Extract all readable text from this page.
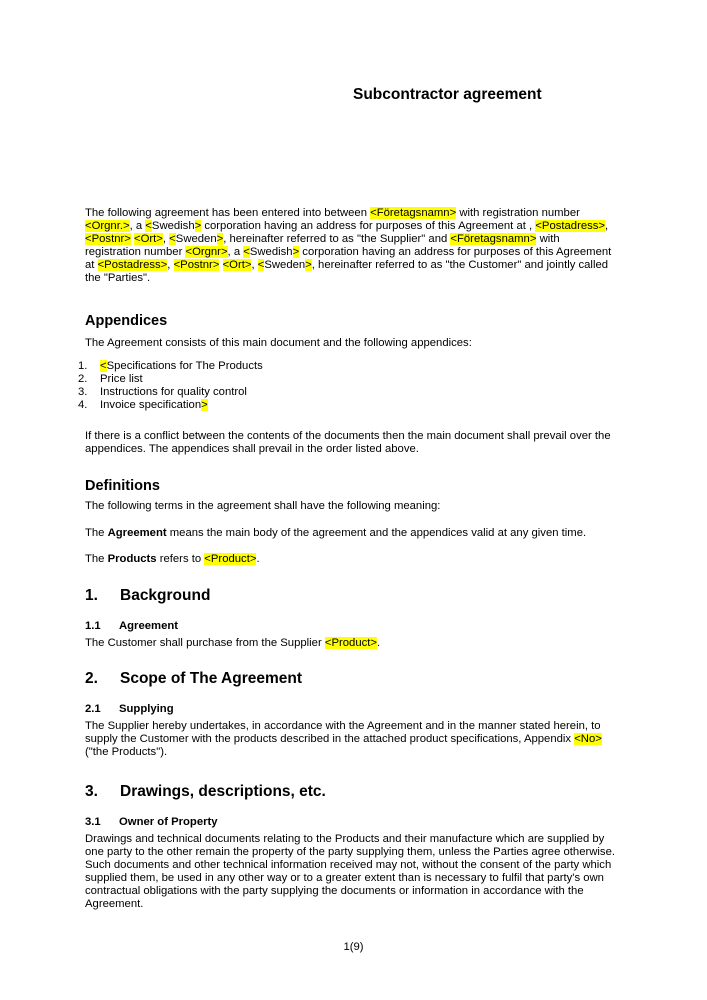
Subcontractor agreement

The following agreement has been entered into between <Företagsnamn> with registration number <Orgnr.>, a <Swedish> corporation having an address for purposes of this Agreement at , <Postadress>, <Postnr> <Ort>, <Sweden>, hereinafter referred to as "the Supplier" and <Företagsnamn> with registration number <Orgnr>, a <Swedish> corporation having an address for purposes of this Agreement at <Postadress>, <Postnr> <Ort>, <Sweden>, hereinafter referred to as "the Customer" and jointly called the "Parties".

Appendices

The Agreement consists of this main document and the following appendices:

1. <Specifications for The Products
2. Price list
3. Instructions for quality control
4. Invoice specification>

If there is a conflict between the contents of the documents then the main document shall prevail over the appendices. The appendices shall prevail in the order listed above.

Definitions

The following terms in the agreement shall have the following meaning:

The Agreement means the main body of the agreement and the appendices valid at any given time.

The Products refers to <Product>.

1. Background
1.1 Agreement

The Customer shall purchase from the Supplier <Product>.

2. Scope of The Agreement
2.1 Supplying

The Supplier hereby undertakes, in accordance with the Agreement and in the manner stated herein, to supply the Customer with the products described in the attached product specifications, Appendix <No> ("the Products").

3. Drawings, descriptions, etc.
3.1 Owner of Property

Drawings and technical documents relating to the Products and their manufacture which are supplied by one party to the other remain the property of the party supplying them, unless the Parties agree otherwise. Such documents and other technical information received may not, without the consent of the party which supplied them, be used in any other way or to a greater extent than is necessary to fulfil that party's own contractual obligations with the party supplying the documents or information in accordance with the Agreement.

1(9)
